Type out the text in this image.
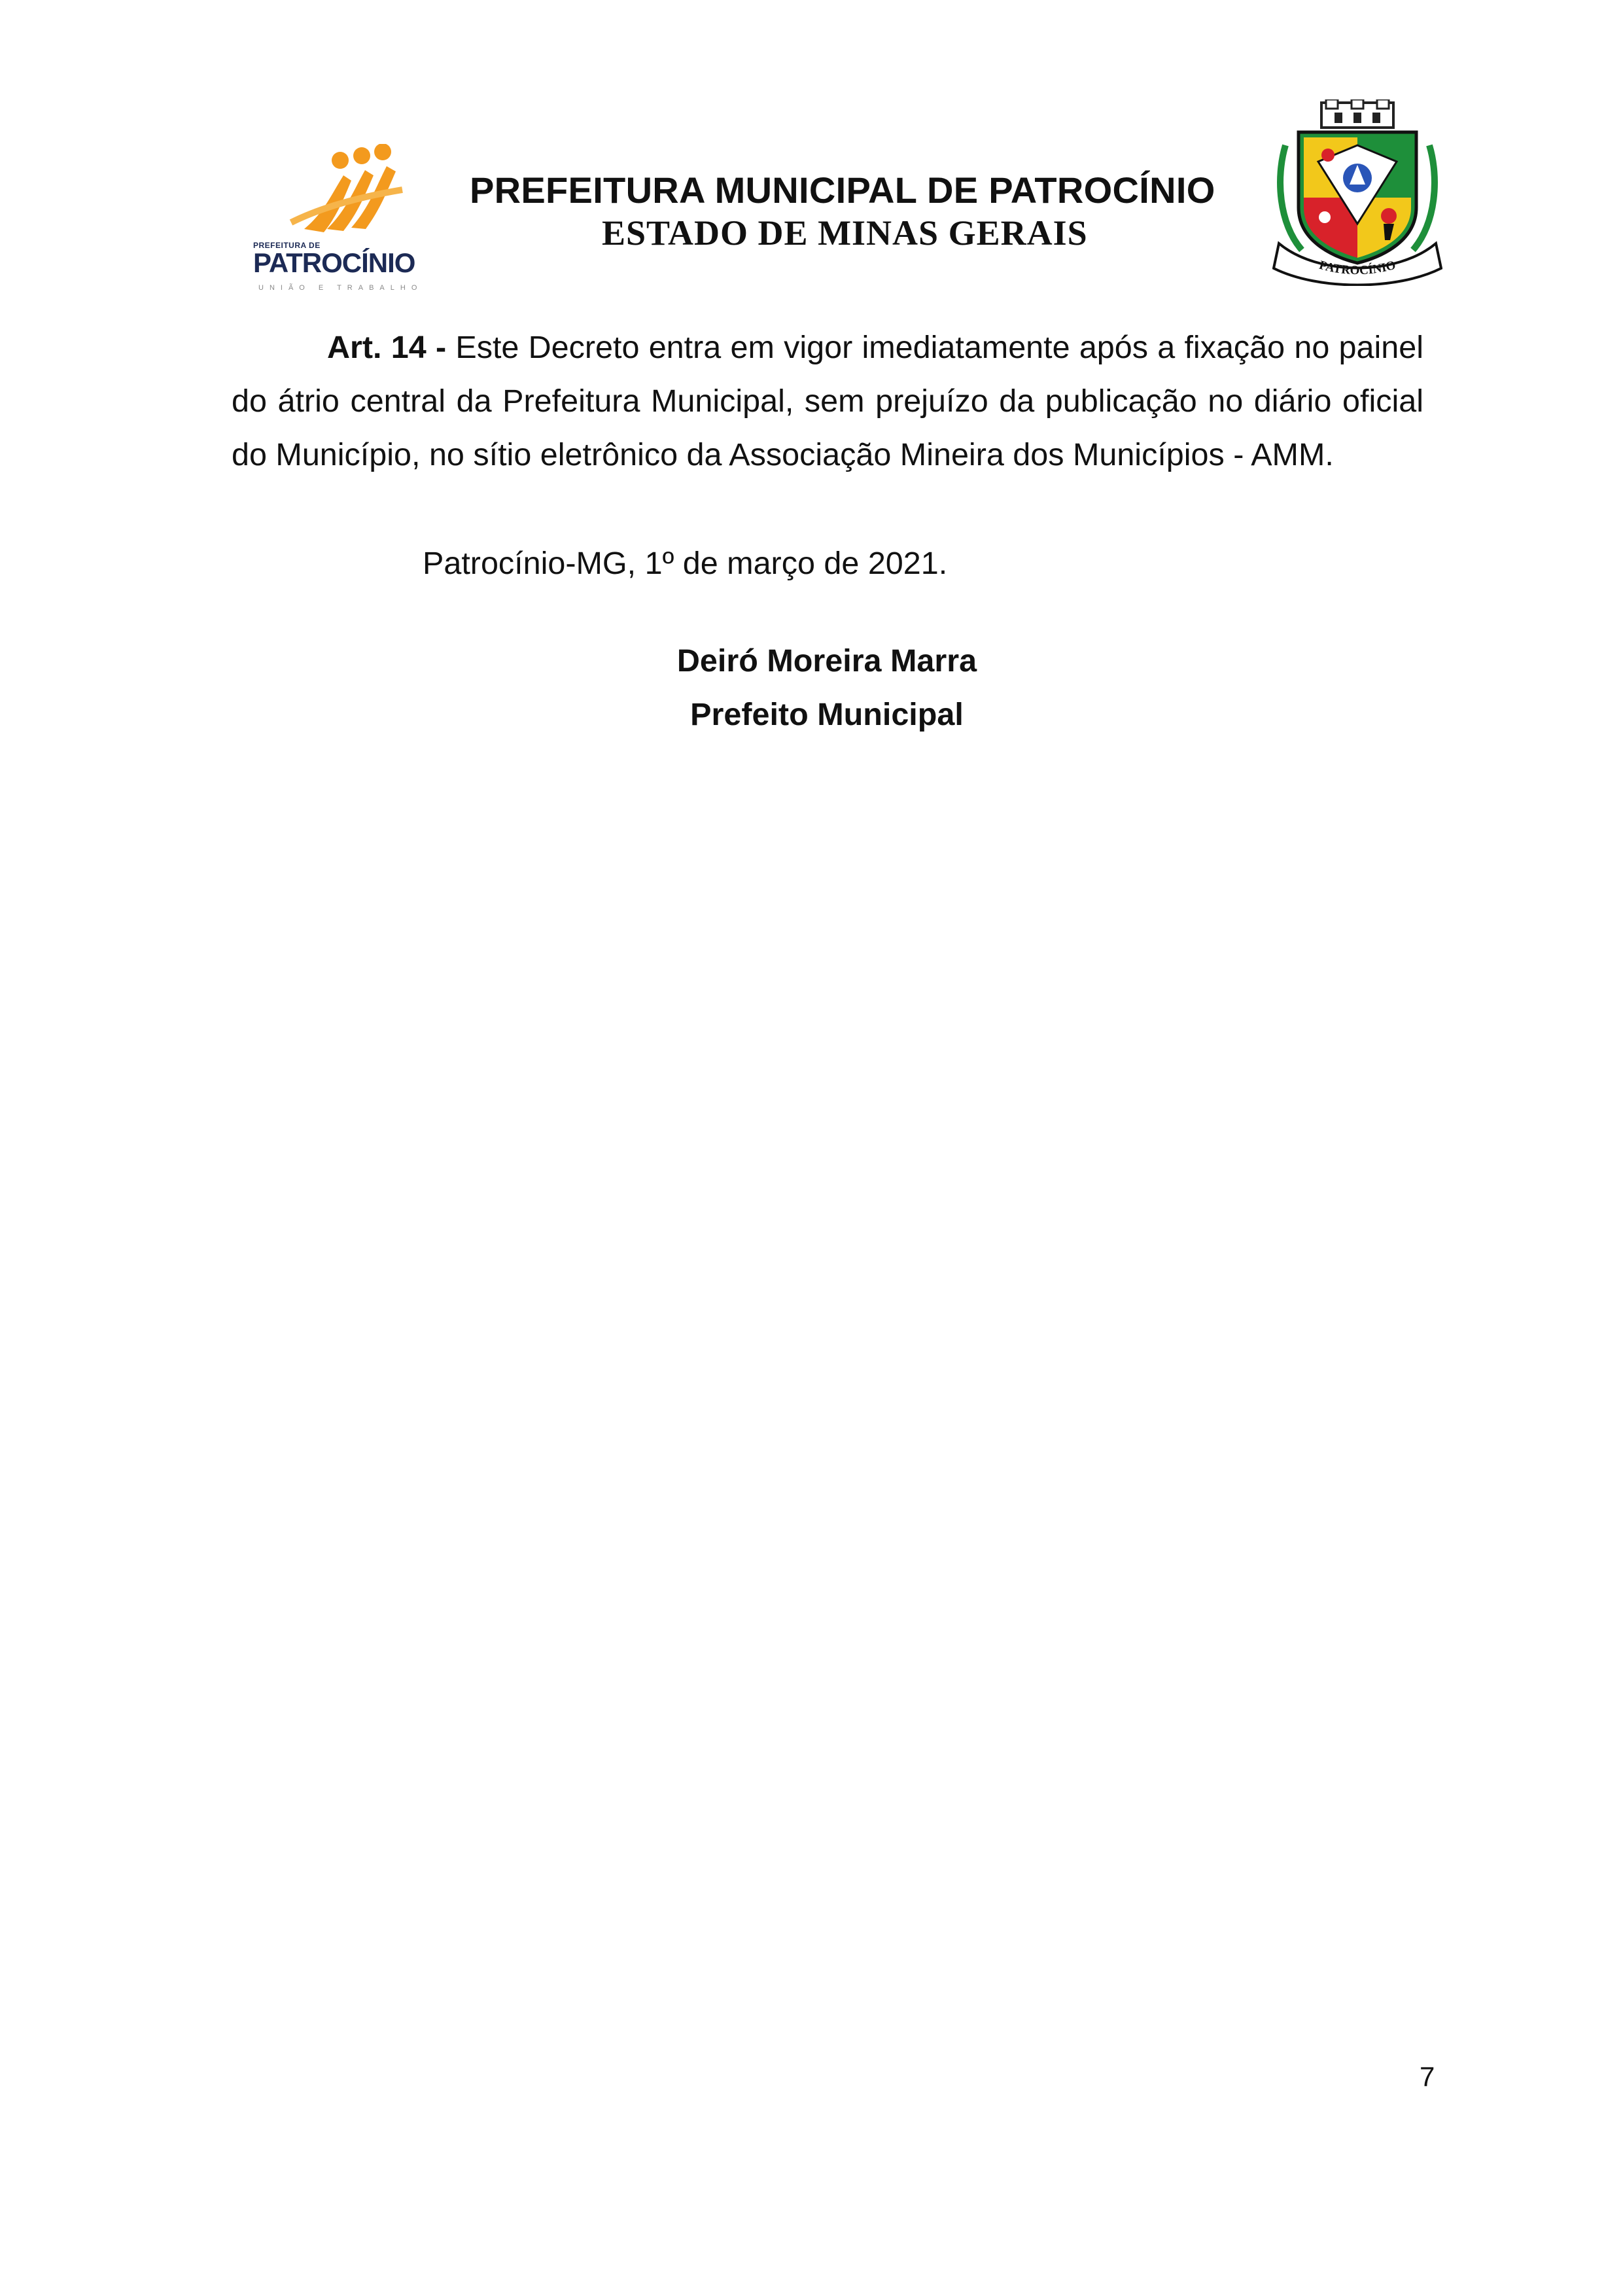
PREFEITURA DE
PATROCÍNIO
UNIÃO E TRABALHO
PREFEITURA MUNICIPAL DE PATROCÍNIO
ESTADO DE MINAS GERAIS
PATROCÍNIO
Art. 14 - Este Decreto entra em vigor imediatamente após a fixação no painel do átrio central da Prefeitura Municipal, sem prejuízo da publicação no diário oficial do Município, no sítio eletrônico da Associação Mineira dos Municípios - AMM.
Patrocínio-MG, 1º de março de 2021.
Deiró Moreira Marra
Prefeito Municipal
7
